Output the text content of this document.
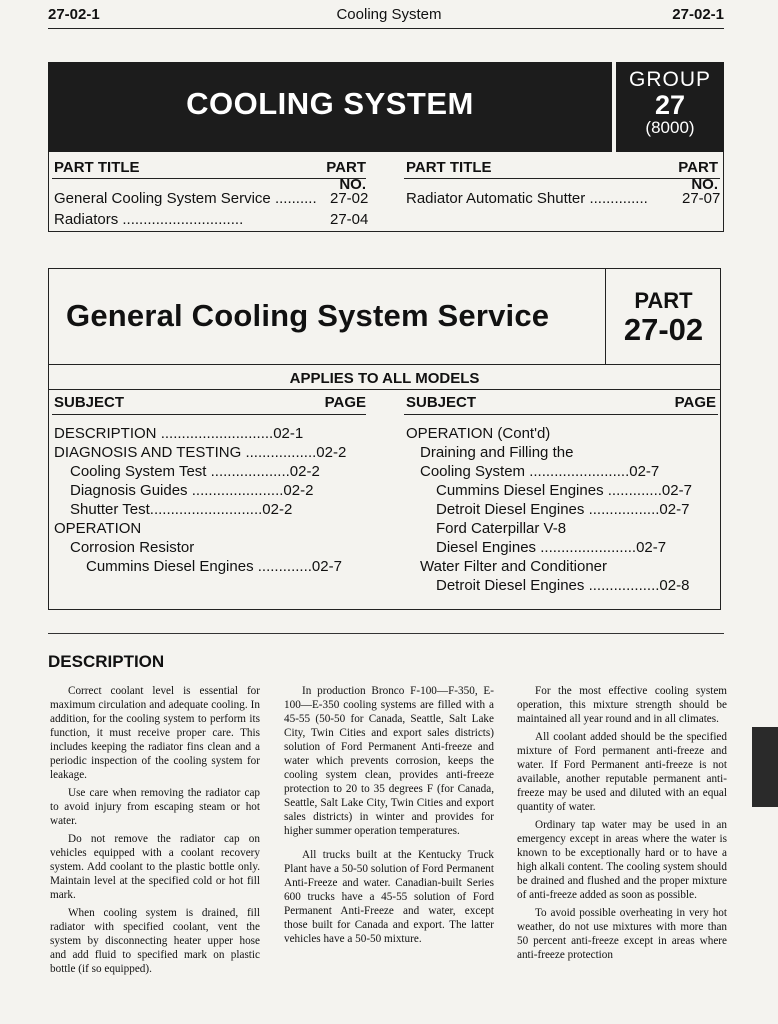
27-02-1	Cooling System	27-02-1
COOLING SYSTEM
GROUP
27
(8000)
PART TITLE	PART NO.
PART TITLE	PART NO.
General Cooling System Service .......... 27-02
Radiators .............................	27-04
Radiator Automatic Shutter .............. 27-07
General Cooling System Service	PART
27-02
APPLIES TO ALL MODELS
SUBJECT	PAGE	SUBJECT	PAGE
DESCRIPTION ...........................02-1
DIAGNOSIS AND TESTING .................02-2
Cooling System Test ...................02-2
Diagnosis Guides ......................02-2
Shutter Test...........................02-2
OPERATION
Corrosion Resistor
Cummins Diesel Engines .............02-7
OPERATION (Cont'd)
Draining and Filling the
Cooling System ........................02-7
Cummins Diesel Engines .............02-7
Detroit Diesel Engines .................02-7
Ford Caterpillar V-8
Diesel Engines .......................02-7
Water Filter and Conditioner
Detroit Diesel Engines .................02-8
DESCRIPTION

Correct coolant level is essential for maximum circulation and adequate cooling. In addition, for the cooling system to perform its function, it must receive proper care. This includes keeping the radiator fins clean and a periodic inspection of the cooling system for leakage.

Use care when removing the radiator cap to avoid injury from escaping steam or hot water.

Do not remove the radiator cap on vehicles equipped with a coolant recovery system. Add coolant to the plastic bottle only. Maintain level at the specified cold or hot fill mark.

When cooling system is drained, fill radiator with specified coolant, vent the system by disconnecting heater upper hose and add fluid to specified mark on plastic bottle (if so equipped).

In production Bronco F-100—F-350, E-100—E-350 cooling systems are filled with a 45-55 (50-50 for Canada, Seattle, Salt Lake City, Twin Cities and export sales districts) solution of Ford Permanent Anti-freeze and water which prevents corrosion, keeps the cooling system clean, provides anti-freeze protection to 20 to 35 degrees F (for Canada, Seattle, Salt Lake City, Twin Cities and export sales districts) in winter and provides for higher summer operation temperatures.

All trucks built at the Kentucky Truck Plant have a 50-50 solution of Ford Permanent Anti-Freeze and water. Canadian-built Series 600 trucks have a 45-55 solution of Ford Permanent Anti-Freeze and water, except those built for Canada and export. The latter vehicles have a 50-50 mixture.

For the most effective cooling system operation, this mixture strength should be maintained all year round and in all climates.

All coolant added should be the specified mixture of Ford permanent anti-freeze and water. If Ford Permanent anti-freeze is not available, another reputable permanent anti-freeze may be used and diluted with an equal quantity of water.

Ordinary tap water may be used in an emergency except in areas where the water is known to be exceptionally hard or to have a high alkali content. The cooling system should be drained and flushed and the proper mixture of anti-freeze added as soon as possible.

To avoid possible overheating in very hot weather, do not use mixtures with more than 50 percent anti-freeze except in areas where anti-freeze protection
